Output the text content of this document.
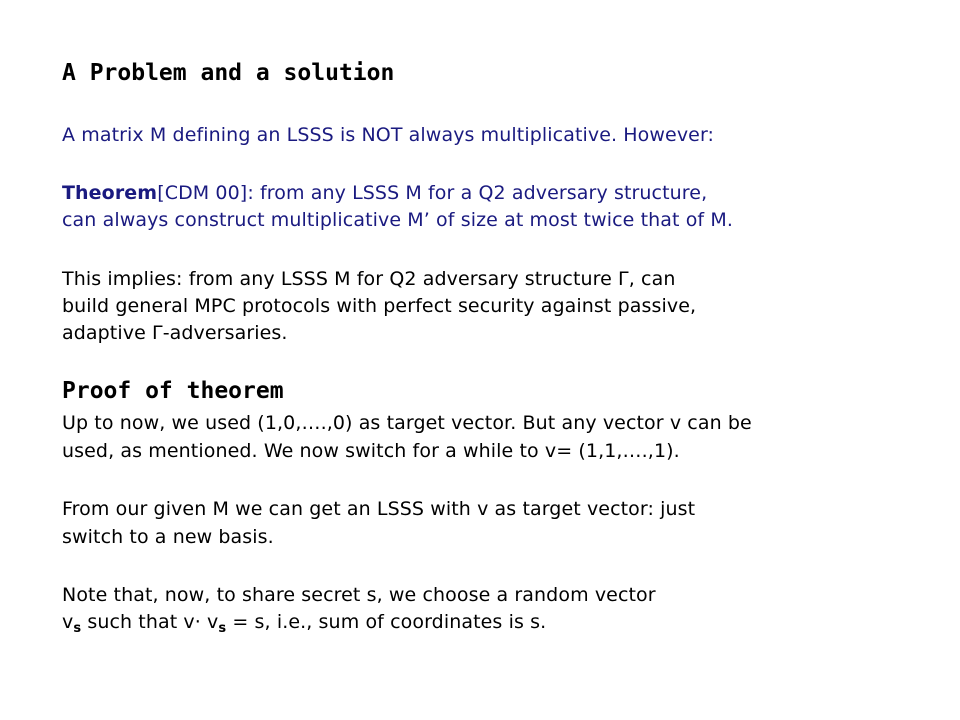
A Problem and a solution
A matrix M defining an LSSS is NOT always multiplicative. However:
Theorem[CDM 00]: from any LSSS M for a Q2 adversary structure,
can always construct multiplicative M’ of size at most twice that of M.
This implies: from any LSSS M for Q2 adversary structure Γ, can
build general MPC protocols with perfect security against passive,
adaptive Γ-adversaries.
Proof of theorem
Up to now, we used (1,0,….,0) as target vector. But any vector v can be
used, as mentioned. We now switch for a while to v= (1,1,….,1).
From our given M we can get an LSSS with v as target vector: just
switch to a new basis.
Note that, now, to share secret s, we choose a random vector
$v_s$ such that $v\cdot v_s = s$, i.e., sum of coordinates is s.
